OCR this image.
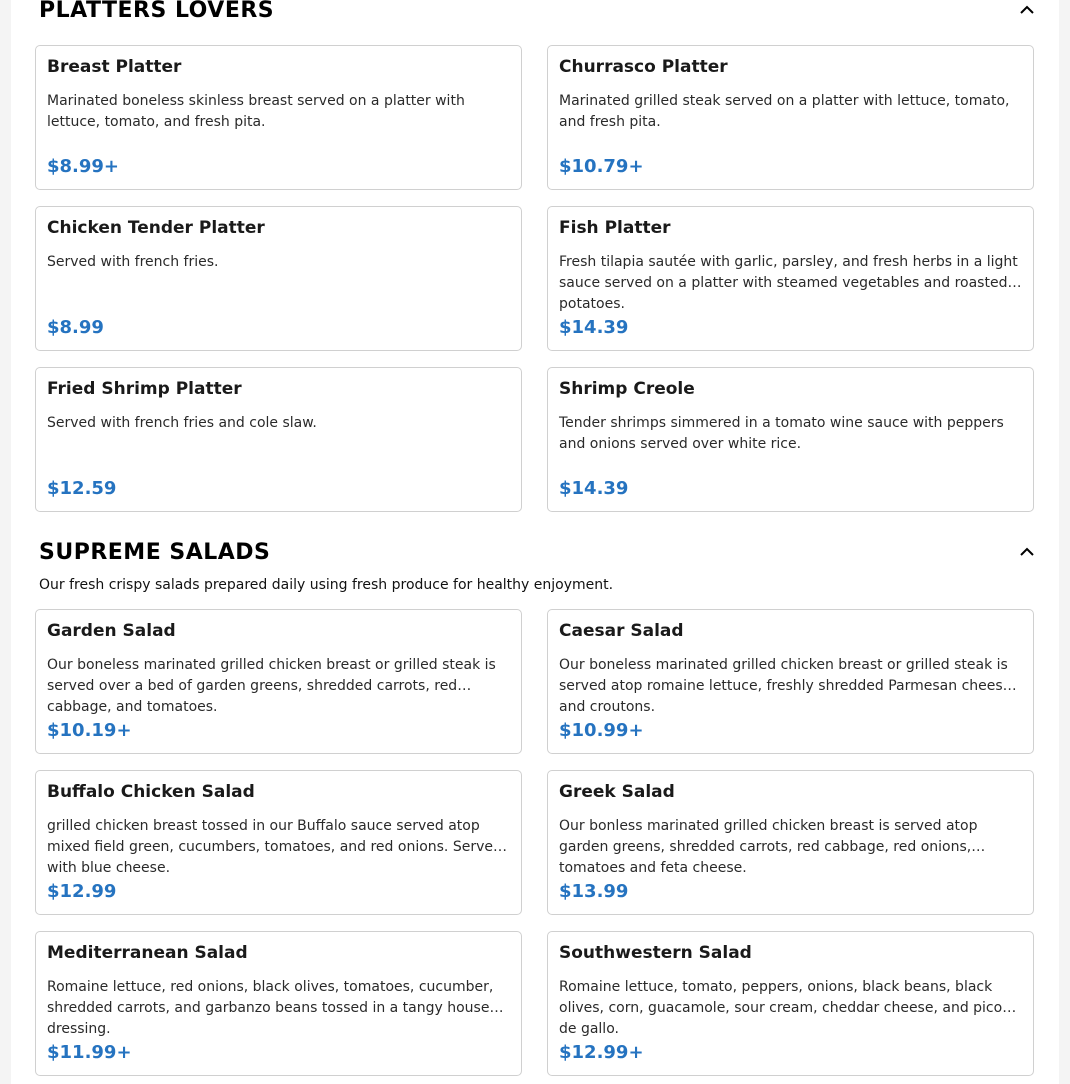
PLATTERS LOVERS
Breast Platter
Marinated boneless skinless breast served on a platter with lettuce, tomato, and fresh pita.
$8.99+
Churrasco Platter
Marinated grilled steak served on a platter with lettuce, tomato, and fresh pita.
$10.79+
Chicken Tender Platter
Served with french fries.
$8.99
Fish Platter
Fresh tilapia sautée with garlic, parsley, and fresh herbs in a light sauce served on a platter with steamed vegetables and roasted potatoes.
$14.39
Fried Shrimp Platter
Served with french fries and cole slaw.
$12.59
Shrimp Creole
Tender shrimps simmered in a tomato wine sauce with peppers and onions served over white rice.
$14.39
SUPREME SALADS
Our fresh crispy salads prepared daily using fresh produce for healthy enjoyment.
Garden Salad
Our boneless marinated grilled chicken breast or grilled steak is served over a bed of garden greens, shredded carrots, red cabbage, and tomatoes.
$10.19+
Caesar Salad
Our boneless marinated grilled chicken breast or grilled steak is served atop romaine lettuce, freshly shredded Parmesan cheese and croutons.
$10.99+
Buffalo Chicken Salad
grilled chicken breast tossed in our Buffalo sauce served atop mixed field green, cucumbers, tomatoes, and red onions. Served with blue cheese.
$12.99
Greek Salad
Our bonless marinated grilled chicken breast is served atop garden greens, shredded carrots, red cabbage, red onions, tomatoes and feta cheese.
$13.99
Mediterranean Salad
Romaine lettuce, red onions, black olives, tomatoes, cucumber, shredded carrots, and garbanzo beans tossed in a tangy house dressing.
$11.99+
Southwestern Salad
Romaine lettuce, tomato, peppers, onions, black beans, black olives, corn, guacamole, sour cream, cheddar cheese, and pico de gallo.
$12.99+
